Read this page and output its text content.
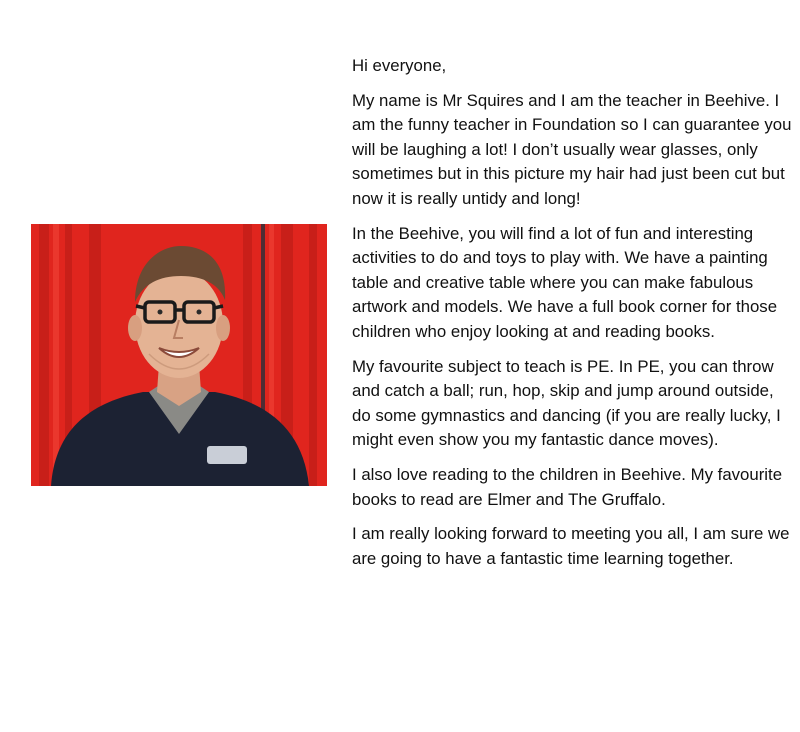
Hi everyone,

My name is Mr Squires and I am the teacher in Beehive. I am the funny teacher in Foundation so I can guarantee you will be laughing a lot! I don’t usually wear glasses, only sometimes but in this picture my hair had just been cut but now it is really untidy and long!

In the Beehive, you will find a lot of fun and interesting activities to do and toys to play with. We have a painting table and creative table where you can make fabulous artwork and models. We have a full book corner for those children who enjoy looking at and reading books.

My favourite subject to teach is PE. In PE, you can throw and catch a ball; run, hop, skip and jump around outside, do some gymnastics and dancing (if you are really lucky, I might even show you my fantastic dance moves).

I also love reading to the children in Beehive. My favourite books to read are Elmer and The Gruffalo.

I am really looking forward to meeting you all, I am sure we are going to have a fantastic time learning together.
